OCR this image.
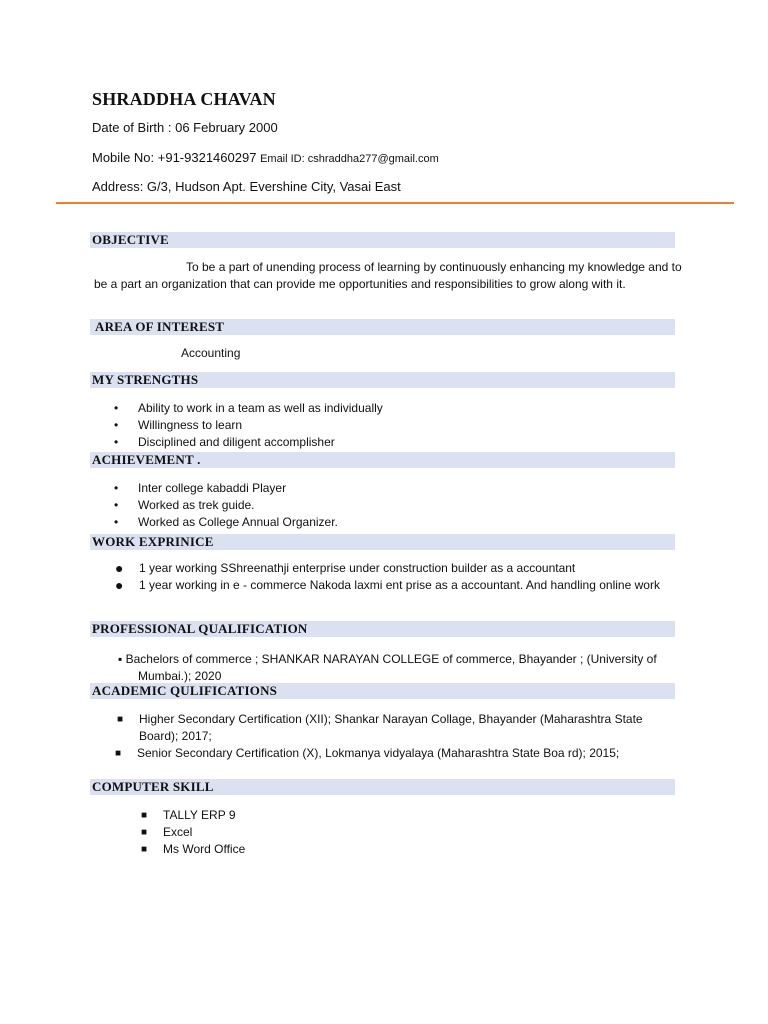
SHRADDHA CHAVAN
Date of Birth : 06 February 2000
Mobile No: +91-9321460297 Email ID: cshraddha277@gmail.com
Address: G/3, Hudson Apt. Evershine City, Vasai East
OBJECTIVE

To be a part of unending process of learning by continuously enhancing my knowledge and to be a part an organization that can provide me opportunities and responsibilities to grow along with it.

AREA OF INTEREST
Accounting
MY STRENGTHS
• Ability to work in a team as well as individually
• Willingness to learn
• Disciplined and diligent accomplisher
ACHIEVEMENT .
• Inter college kabaddi Player
• Worked as trek guide.
• Worked as College Annual Organizer.
WORK EXPRINICE
● 1 year working SShreenathji enterprise under construction builder as a accountant
● 1 year working in e - commerce Nakoda laxmi ent prise as a accountant. And handling online work
PROFESSIONAL QUALIFICATION
▪ Bachelors of commerce ; SHANKAR NARAYAN COLLEGE of commerce, Bhayander ; (University of Mumbai.); 2020
ACADEMIC QULIFICATIONS
■ Higher Secondary Certification (XII); Shankar Narayan Collage, Bhayander (Maharashtra State Board); 2017;
■ Senior Secondary Certification (X), Lokmanya vidyalaya (Maharashtra State Boa rd); 2015;
COMPUTER SKILL
■ TALLY ERP 9
■ Excel
■ Ms Word Office
